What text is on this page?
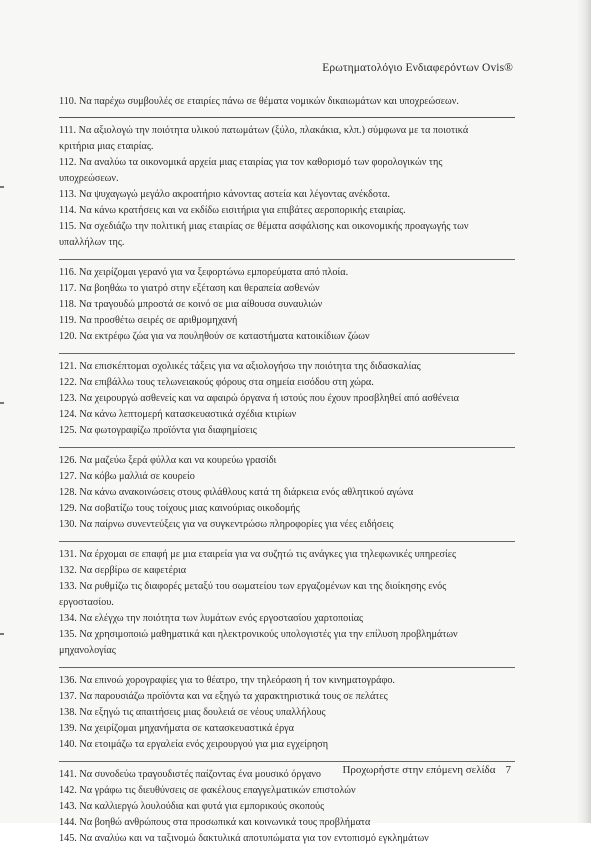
Ερωτηματολόγιο Ενδιαφερόντων Ovis®
110. Να παρέχω συμβουλές σε εταιρίες πάνω σε θέματα νομικών δικαιωμάτων και υποχρεώσεων.
111. Να αξιολογώ την ποιότητα υλικού πατωμάτων (ξύλο, πλακάκια, κλπ.) σύμφωνα με τα ποιοτικά
κριτήρια μιας εταιρίας.
112. Να αναλύω τα οικονομικά αρχεία μιας εταιρίας για τον καθορισμό των φορολογικών της
υποχρεώσεων.
113. Να ψυχαγωγώ μεγάλο ακροατήριο κάνοντας αστεία και λέγοντας ανέκδοτα.
114. Να κάνω κρατήσεις και να εκδίδω εισιτήρια για επιβάτες αεροπορικής εταιρίας.
115. Να σχεδιάζω την πολιτική μιας εταιρίας σε θέματα ασφάλισης και οικονομικής προαγωγής των
υπαλλήλων της.
116. Να χειρίζομαι γερανό για να ξεφορτώνω εμπορεύματα από πλοία.
117. Να βοηθάω το γιατρό στην εξέταση και θεραπεία ασθενών
118. Να τραγουδώ μπροστά σε κοινό σε μια αίθουσα συναυλιών
119. Να προσθέτω σειρές σε αριθμομηχανή
120. Να εκτρέφω ζώα για να πουληθούν σε καταστήματα κατοικίδιων ζώων
121. Να επισκέπτομαι σχολικές τάξεις για να αξιολογήσω την ποιότητα της διδασκαλίας
122. Να επιβάλλω τους τελωνειακούς φόρους στα σημεία εισόδου στη χώρα.
123. Να χειρουργώ ασθενείς και να αφαιρώ όργανα ή ιστούς που έχουν προσβληθεί από ασθένεια
124. Να κάνω λεπτομερή κατασκευαστικά σχέδια κτιρίων
125. Να φωτογραφίζω προϊόντα για διαφημίσεις
126. Να μαζεύω ξερά φύλλα και να κουρεύω γρασίδι
127. Να κόβω μαλλιά σε κουρείο
128. Να κάνω ανακοινώσεις στους φιλάθλους κατά τη διάρκεια ενός αθλητικού αγώνα
129. Να σοβατίζω τους τοίχους μιας καινούριας οικοδομής
130. Να παίρνω συνεντεύξεις για να συγκεντρώσω πληροφορίες για νέες ειδήσεις
131. Να έρχομαι σε επαφή με μια εταιρεία για να συζητώ τις ανάγκες για τηλεφωνικές υπηρεσίες
132. Να σερβίρω σε καφετέρια
133. Να ρυθμίζω τις διαφορές μεταξύ του σωματείου των εργαζομένων και της διοίκησης ενός
εργοστασίου.
134. Να ελέγχω την ποιότητα των λυμάτων ενός εργοστασίου χαρτοποιίας
135. Να χρησιμοποιώ μαθηματικά και ηλεκτρονικούς υπολογιστές για την επίλυση προβλημάτων
μηχανολογίας
136. Να επινοώ χορογραφίες για το θέατρο, την τηλεόραση ή τον κινηματογράφο.
137. Να παρουσιάζω προϊόντα και να εξηγώ τα χαρακτηριστικά τους σε πελάτες
138. Να εξηγώ τις απαιτήσεις μιας δουλειά σε νέους υπαλλήλους
139. Να χειρίζομαι μηχανήματα σε κατασκευαστικά έργα
140. Να ετοιμάζω τα εργαλεία ενός χειρουργού για μια εγχείρηση
141. Να συνοδεύω τραγουδιστές παίζοντας ένα μουσικό όργανο
142. Να γράφω τις διευθύνσεις σε φακέλους επαγγελματικών επιστολών
143. Να καλλιεργώ λουλούδια και φυτά για εμπορικούς σκοπούς
144. Να βοηθώ ανθρώπους στα προσωπικά και κοινωνικά τους προβλήματα
145. Να αναλύω και να ταξινομώ δακτυλικά αποτυπώματα για τον εντοπισμό εγκλημάτων
Προχωρήστε στην επόμενη σελίδα 7
